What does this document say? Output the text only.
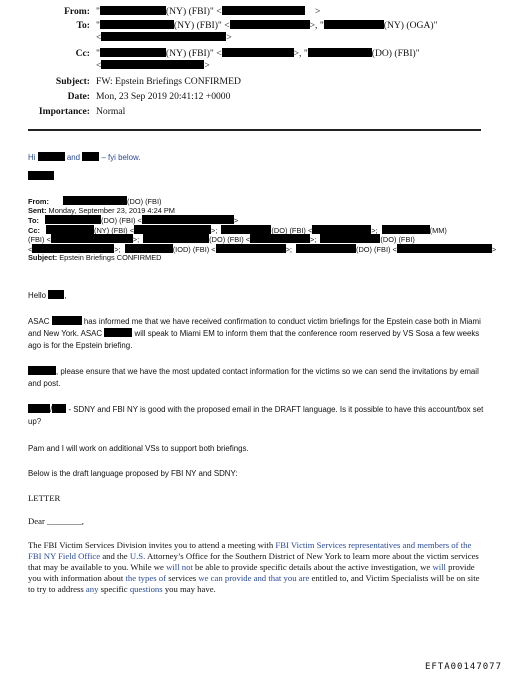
From: "	(NY) (FBI)" <	>
To: "	(NY) (FBI)" <	>, "	(NY) (OGA)"
<	>
Cc: "	(NY) (FBI)" <	>, "	(DO) (FBI)"
<	>
Subject: FW: Epstein Briefings CONFIRMED
Date: Mon, 23 Sep 2019 20:41:12 +0000
Importance: Normal
Hi	and	– fyi below.
From:	(DO) (FBI)
Sent: Monday, September 23, 2019 4:24 PM
To:	(DO) (FBI) <	>
Cc:	(NY) (FBI) <	>;	(DO) (FBI) <	>;	(MM)
(FBI) <	>;	(DO) (FBI) <	>;	(DO) (FBI)
<	>;	(IOD) (FBI) <	>;	(DO) (FBI) <	>
Subject: Epstein Briefings CONFIRMED
Hello ,
ASAC	has informed me that we have received confirmation to conduct victim briefings for the Epstein case both in Miami and New York. ASAC	will speak to Miami EM to inform them that the conference room reserved by VS Sosa a few weeks ago is for the Epstein briefing.
, please ensure that we have the most updated contact information for the victims so we can send the invitations by email and post.
/ - SDNY and FBI NY is good with the proposed email in the DRAFT language. Is it possible to have this account/box set up?
Pam and I will work on additional VSs to support both briefings.
Below is the draft language proposed by FBI NY and SDNY:
LETTER
Dear ________,
The FBI Victim Services Division invites you to attend a meeting with FBI Victim Services representatives and members of the FBI NY Field Office and the U.S. Attorney’s Office for the Southern District of New York to learn more about the victim services that may be available to you. While we will not be able to provide specific details about the active investigation, we will provide you with information about the types of services we can provide and that you are entitled to, and Victim Specialists will be on site to try to address any specific questions you may have.
EFTA00147077
